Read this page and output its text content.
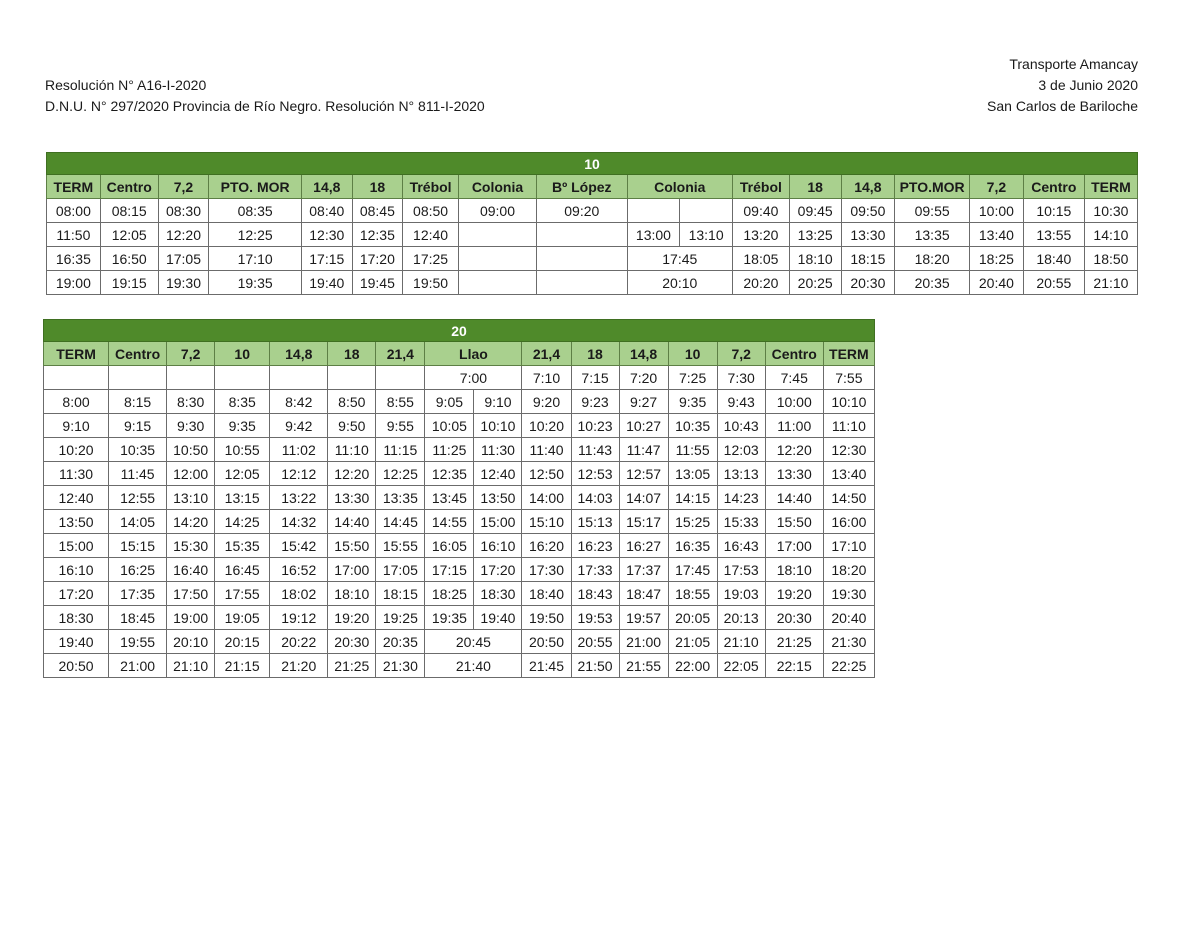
Resolución N° A16-I-2020
D.N.U. N° 297/2020 Provincia de Río Negro. Resolución N° 811-I-2020
Transporte Amancay
3 de Junio 2020
San Carlos de Bariloche
10																	
TERM	Centro	7,2	PTO. MOR	14,8	18	Trébol	Colonia	Bº López	Colonia		Trébol	18	14,8	PTO.MOR	7,2	Centro	TERM
08:00	08:15	08:30	08:35	08:40	08:45	08:50	09:00	09:20			09:40	09:45	09:50	09:55	10:00	10:15	10:30
11:50	12:05	12:20	12:25	12:30	12:35	12:40			13:00	13:10	13:20	13:25	13:30	13:35	13:40	13:55	14:10
16:35	16:50	17:05	17:10	17:15	17:20	17:25			17:45		18:05	18:10	18:15	18:20	18:25	18:40	18:50
19:00	19:15	19:30	19:35	19:40	19:45	19:50			20:10		20:20	20:25	20:30	20:35	20:40	20:55	21:10
20															
TERM	Centro	7,2	10	14,8	18	21,4	Llao		21,4	18	14,8	10	7,2	Centro	TERM
							7:00		7:10	7:15	7:20	7:25	7:30	7:45	7:55
8:00	8:15	8:30	8:35	8:42	8:50	8:55	9:05	9:10	9:20	9:23	9:27	9:35	9:43	10:00	10:10
9:10	9:15	9:30	9:35	9:42	9:50	9:55	10:05	10:10	10:20	10:23	10:27	10:35	10:43	11:00	11:10
10:20	10:35	10:50	10:55	11:02	11:10	11:15	11:25	11:30	11:40	11:43	11:47	11:55	12:03	12:20	12:30
11:30	11:45	12:00	12:05	12:12	12:20	12:25	12:35	12:40	12:50	12:53	12:57	13:05	13:13	13:30	13:40
12:40	12:55	13:10	13:15	13:22	13:30	13:35	13:45	13:50	14:00	14:03	14:07	14:15	14:23	14:40	14:50
13:50	14:05	14:20	14:25	14:32	14:40	14:45	14:55	15:00	15:10	15:13	15:17	15:25	15:33	15:50	16:00
15:00	15:15	15:30	15:35	15:42	15:50	15:55	16:05	16:10	16:20	16:23	16:27	16:35	16:43	17:00	17:10
16:10	16:25	16:40	16:45	16:52	17:00	17:05	17:15	17:20	17:30	17:33	17:37	17:45	17:53	18:10	18:20
17:20	17:35	17:50	17:55	18:02	18:10	18:15	18:25	18:30	18:40	18:43	18:47	18:55	19:03	19:20	19:30
18:30	18:45	19:00	19:05	19:12	19:20	19:25	19:35	19:40	19:50	19:53	19:57	20:05	20:13	20:30	20:40
19:40	19:55	20:10	20:15	20:22	20:30	20:35	20:45		20:50	20:55	21:00	21:05	21:10	21:25	21:30
20:50	21:00	21:10	21:15	21:20	21:25	21:30	21:40		21:45	21:50	21:55	22:00	22:05	22:15	22:25
